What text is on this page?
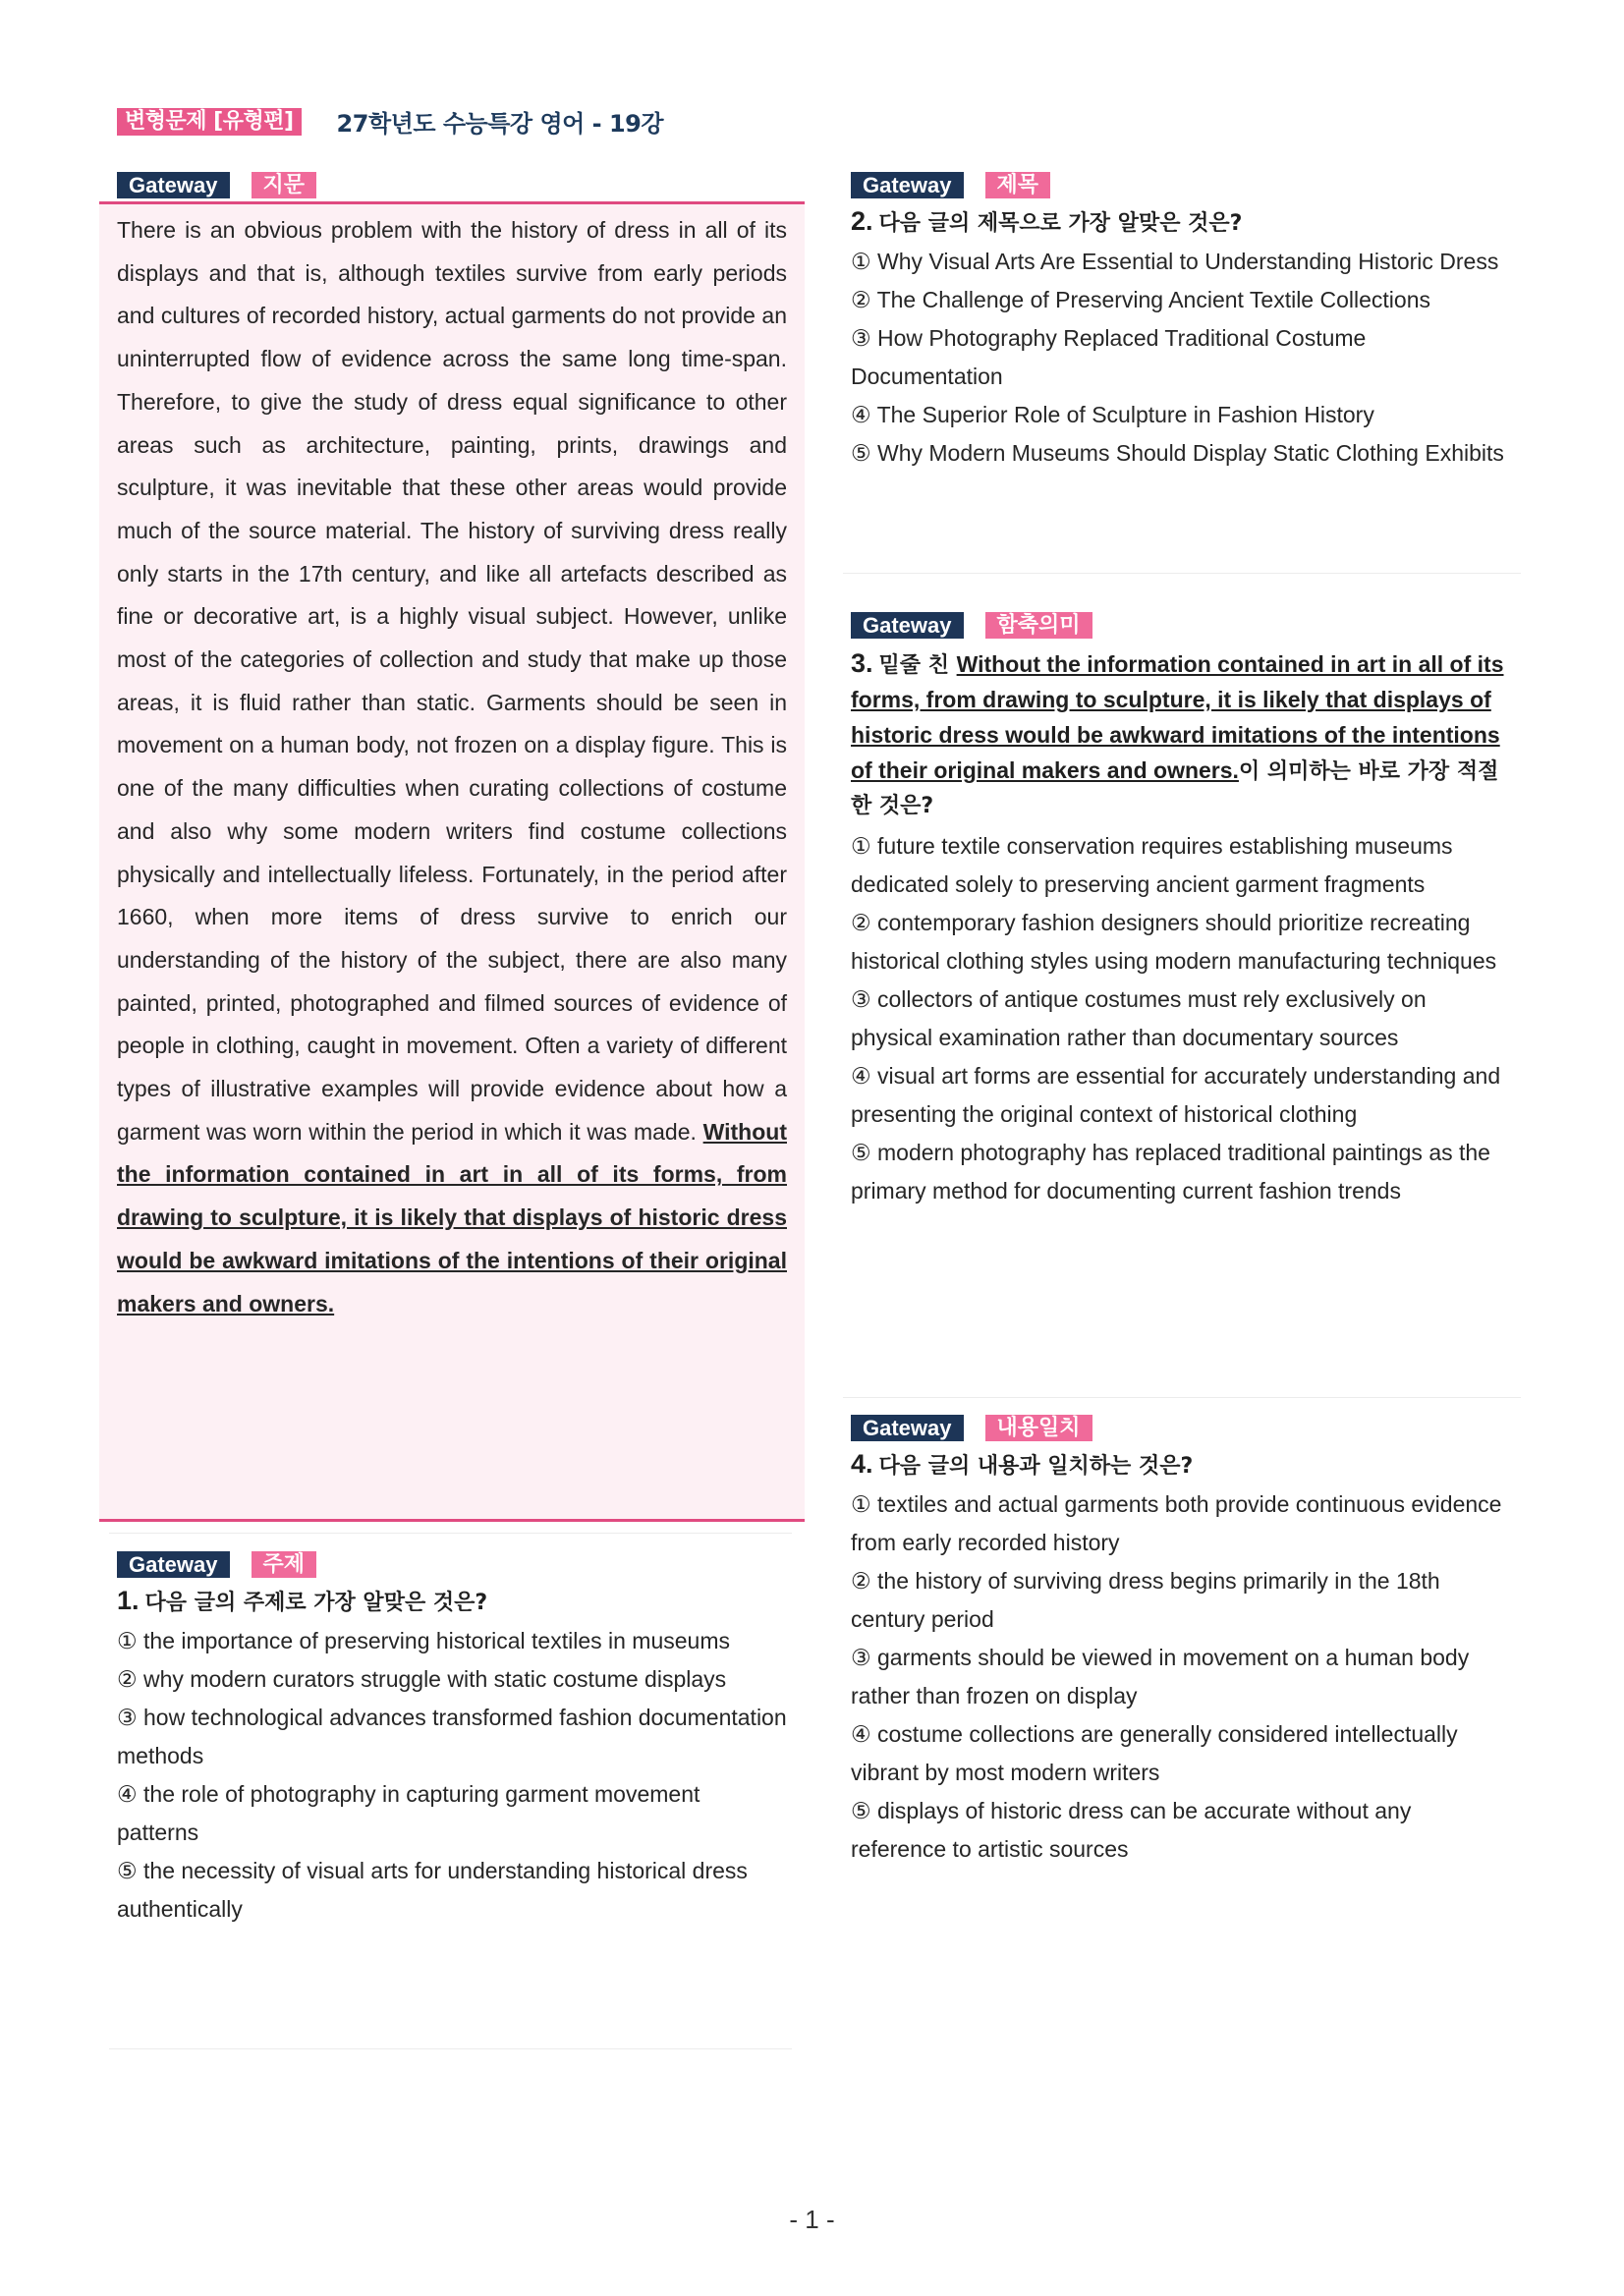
변형문제 [유형편]	27학년도 수능특강 영어 - 19강
Gateway	지문

There is an obvious problem with the history of dress in all of its displays and that is, although textiles survive from early periods and cultures of recorded history, actual garments do not provide an uninterrupted flow of evidence across the same long time-span. Therefore, to give the study of dress equal significance to other areas such as architecture, painting, prints, drawings and sculpture, it was inevitable that these other areas would provide much of the source material. The history of surviving dress really only starts in the 17th century, and like all artefacts described as fine or decorative art, is a highly visual subject. However, unlike most of the categories of collection and study that make up those areas, it is fluid rather than static. Garments should be seen in movement on a human body, not frozen on a display figure. This is one of the many difficulties when curating collections of costume and also why some modern writers find costume collections physically and intellectually lifeless. Fortunately, in the period after 1660, when more items of dress survive to enrich our understanding of the history of the subject, there are also many painted, printed, photographed and filmed sources of evidence of people in clothing, caught in movement. Often a variety of different types of illustrative examples will provide evidence about how a garment was worn within the period in which it was made. Without the information contained in art in all of its forms, from drawing to sculpture, it is likely that displays of historic dress would be awkward imitations of the intentions of their original makers and owners.

Gateway	주제
1. 다음 글의 주제로 가장 알맞은 것은?
① the importance of preserving historical textiles in museums
② why modern curators struggle with static costume displays
③ how technological advances transformed fashion documentation methods
④ the role of photography in capturing garment movement patterns
⑤ the necessity of visual arts for understanding historical dress authentically
Gateway	제목
2. 다음 글의 제목으로 가장 알맞은 것은?
① Why Visual Arts Are Essential to Understanding Historic Dress
② The Challenge of Preserving Ancient Textile Collections
③ How Photography Replaced Traditional Costume Documentation
④ The Superior Role of Sculpture in Fashion History
⑤ Why Modern Museums Should Display Static Clothing Exhibits
Gateway	함축의미
3. 밑줄 친 Without the information contained in art in all of its forms, from drawing to sculpture, it is likely that displays of historic dress would be awkward imitations of the intentions of their original makers and owners.이 의미하는 바로 가장 적절한 것은?
① future textile conservation requires establishing museums dedicated solely to preserving ancient garment fragments
② contemporary fashion designers should prioritize recreating historical clothing styles using modern manufacturing techniques
③ collectors of antique costumes must rely exclusively on physical examination rather than documentary sources
④ visual art forms are essential for accurately understanding and presenting the original context of historical clothing
⑤ modern photography has replaced traditional paintings as the primary method for documenting current fashion trends
Gateway	내용일치
4. 다음 글의 내용과 일치하는 것은?
① textiles and actual garments both provide continuous evidence from early recorded history
② the history of surviving dress begins primarily in the 18th century period
③ garments should be viewed in movement on a human body rather than frozen on display
④ costume collections are generally considered intellectually vibrant by most modern writers
⑤ displays of historic dress can be accurate without any reference to artistic sources
- 1 -
